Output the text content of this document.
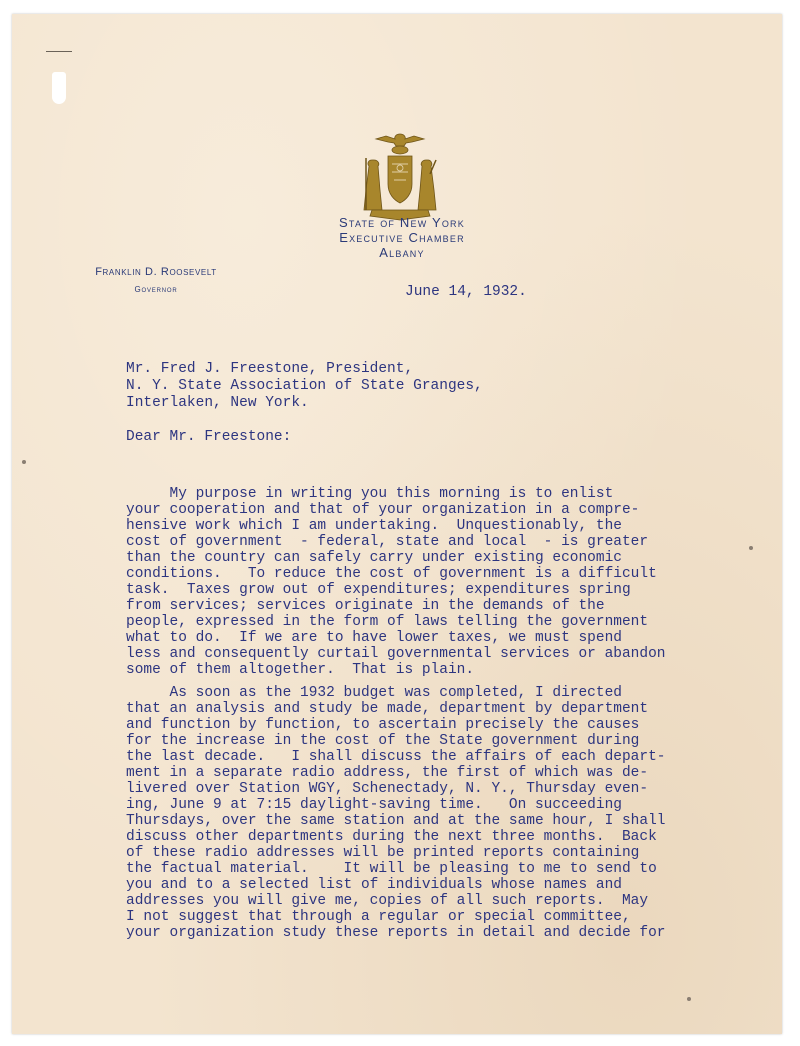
State of New York
Executive Chamber
Albany
Franklin D. Roosevelt
Governor	June 14, 1932.
Mr. Fred J. Freestone, President,
N. Y. State Association of State Granges,
Interlaken, New York.
Dear Mr. Freestone:
My purpose in writing you this morning is to enlist
your cooperation and that of your organization in a compre-
hensive work which I am undertaking.  Unquestionably, the
cost of government  - federal, state and local  - is greater
than the country can safely carry under existing economic
conditions.   To reduce the cost of government is a difficult
task.  Taxes grow out of expenditures; expenditures spring
from services; services originate in the demands of the
people, expressed in the form of laws telling the government
what to do.  If we are to have lower taxes, we must spend
less and consequently curtail governmental services or abandon
some of them altogether.  That is plain.
As soon as the 1932 budget was completed, I directed
that an analysis and study be made, department by department
and function by function, to ascertain precisely the causes
for the increase in the cost of the State government during
the last decade.   I shall discuss the affairs of each depart-
ment in a separate radio address, the first of which was de-
livered over Station WGY, Schenectady, N. Y., Thursday even-
ing, June 9 at 7:15 daylight-saving time.   On succeeding
Thursdays, over the same station and at the same hour, I shall
discuss other departments during the next three months.  Back
of these radio addresses will be printed reports containing
the factual material.    It will be pleasing to me to send to
you and to a selected list of individuals whose names and
addresses you will give me, copies of all such reports.  May
I not suggest that through a regular or special committee,
your organization study these reports in detail and decide for
